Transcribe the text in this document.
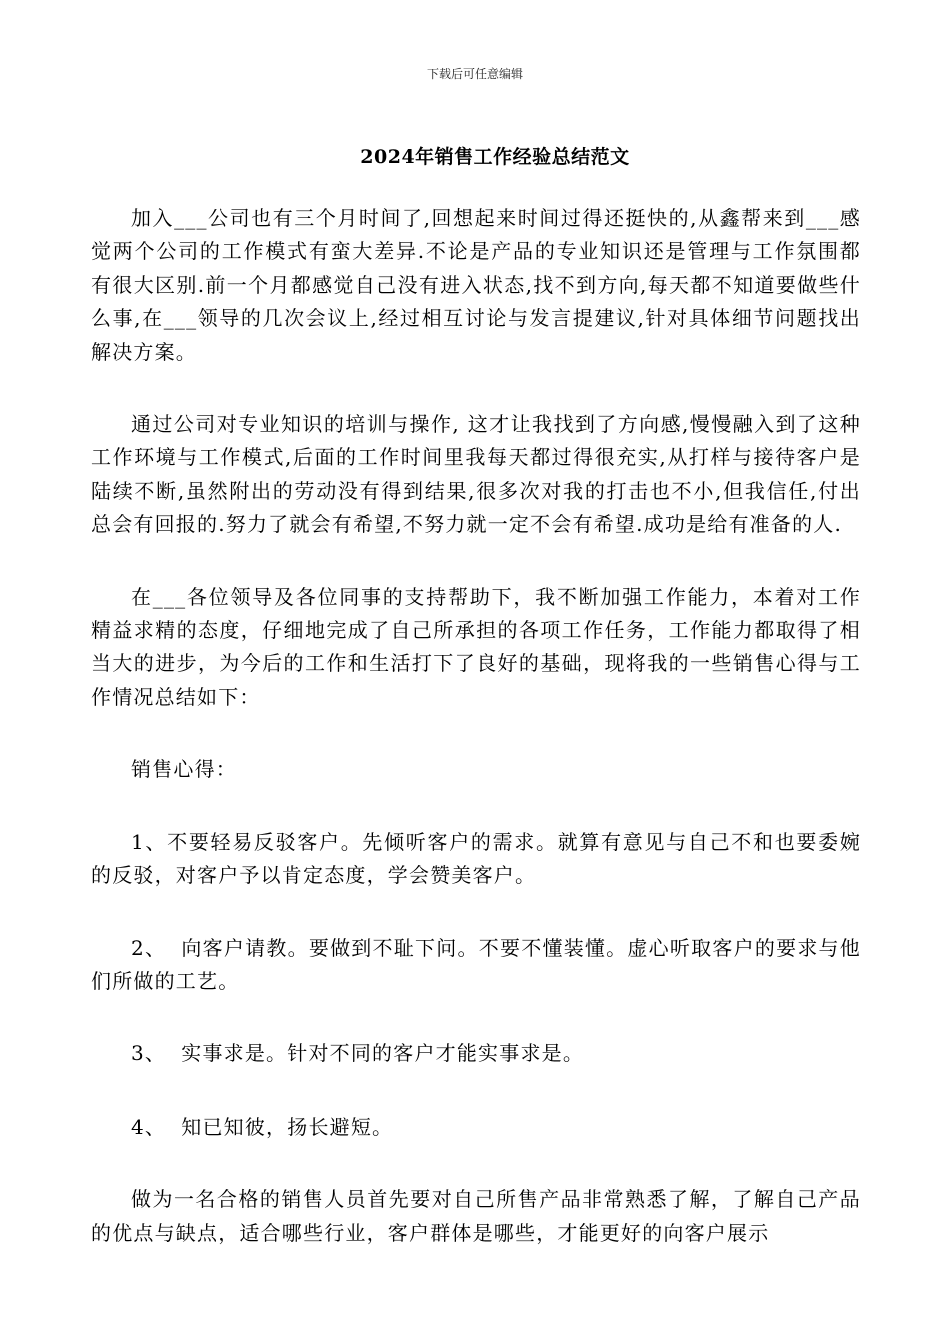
下载后可任意编辑
2024年销售工作经验总结范文

加入___公司也有三个月时间了,回想起来时间过得还挺快的,从鑫帮来到___感觉两个公司的工作模式有蛮大差异.不论是产品的专业知识还是管理与工作氛围都有很大区别.前一个月都感觉自己没有进入状态,找不到方向,每天都不知道要做些什么事,在___领导的几次会议上,经过相互讨论与发言提建议,针对具体细节问题找出解决方案。

通过公司对专业知识的培训与操作, 这才让我找到了方向感,慢慢融入到了这种工作环境与工作模式,后面的工作时间里我每天都过得很充实,从打样与接待客户是陆续不断,虽然附出的劳动没有得到结果,很多次对我的打击也不小,但我信任,付出总会有回报的.努力了就会有希望,不努力就一定不会有希望.成功是给有准备的人.

在___各位领导及各位同事的支持帮助下，我不断加强工作能力，本着对工作精益求精的态度，仔细地完成了自己所承担的各项工作任务，工作能力都取得了相当大的进步，为今后的工作和生活打下了良好的基础，现将我的一些销售心得与工作情况总结如下：

销售心得：

1、不要轻易反驳客户。先倾听客户的需求。就算有意见与自己不和也要委婉的反驳，对客户予以肯定态度，学会赞美客户。

2、  向客户请教。要做到不耻下问。不要不懂装懂。虚心听取客户的要求与他们所做的工艺。

3、  实事求是。针对不同的客户才能实事求是。

4、  知已知彼，扬长避短。

做为一名合格的销售人员首先要对自己所售产品非常熟悉了解，了解自己产品的优点与缺点，适合哪些行业，客户群体是哪些，才能更好的向客户展示
